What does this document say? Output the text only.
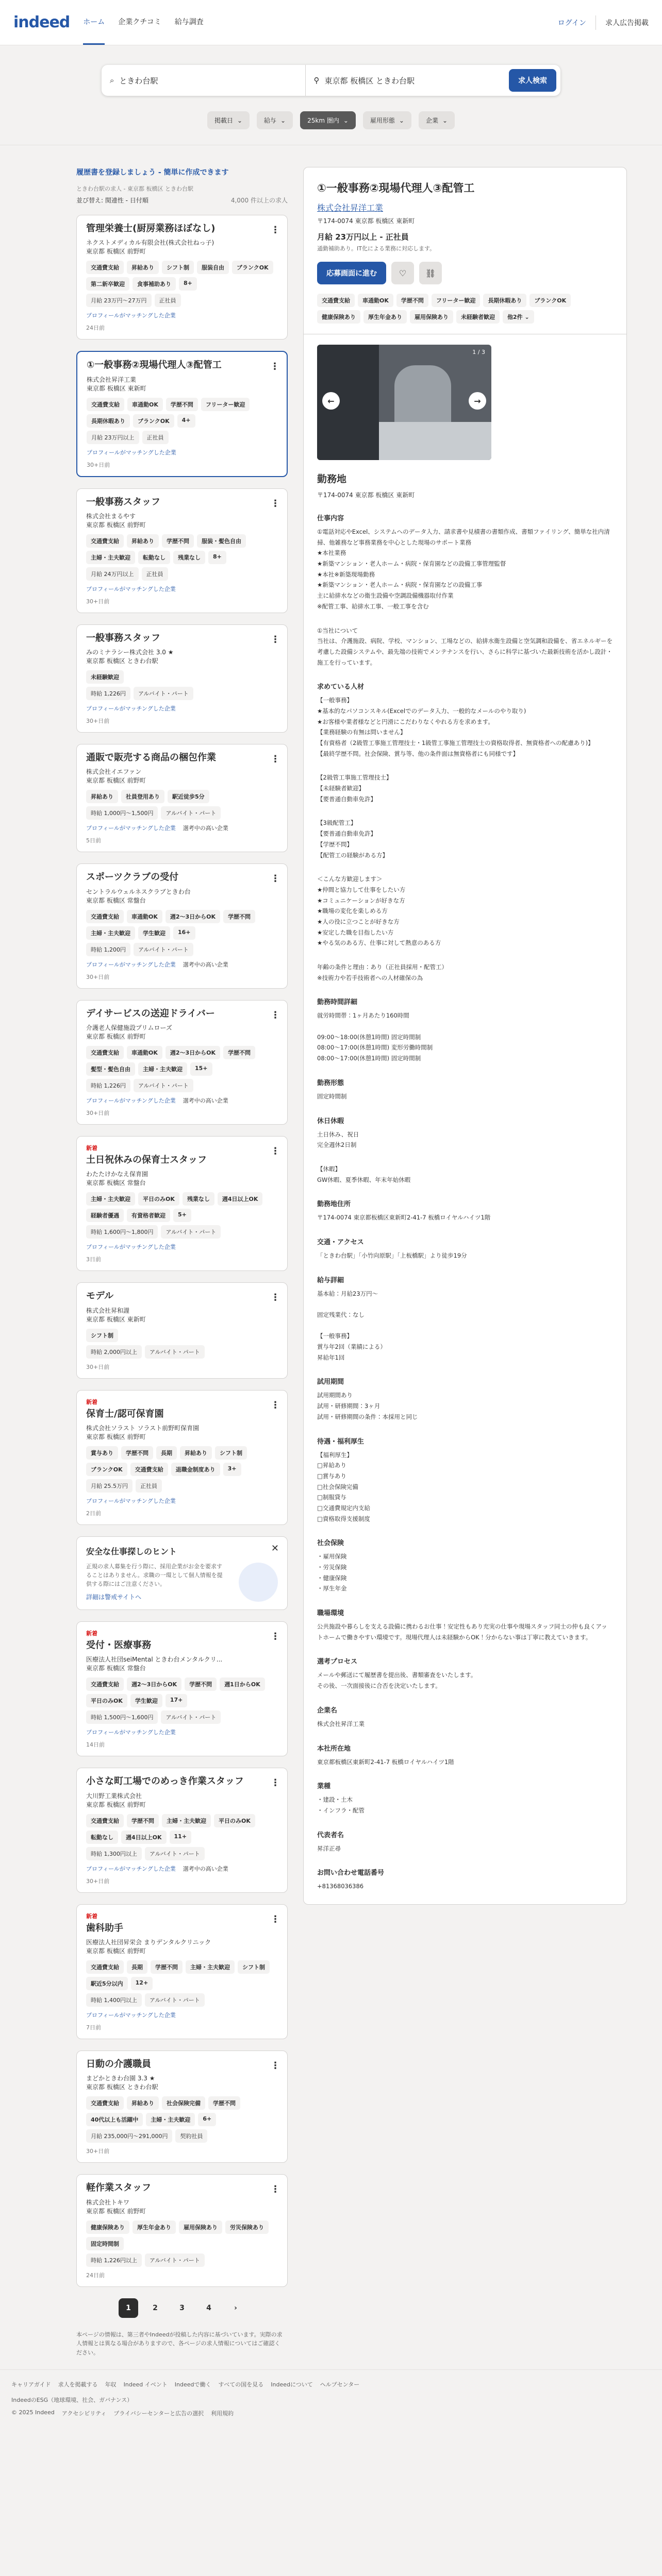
indeed ホーム 企業クチコミ 給与調査	ログイン	求人広告掲載
⌕
ときわ台駅	⚲
東京都 板橋区 ときわ台駅	求人検索
掲載日 ⌄	給与 ⌄	25km 圏内 ⌄	雇用形態 ⌄	企業 ⌄
履歴書を登録しましょう - 簡単に作成できます
ときわ台駅の求人 - 東京都 板橋区 ときわ台駅
並び替え: 関連性 - 日付順	4,000 件以上の求人
管理栄養士(厨房業務ほぼなし)	⋮
ネクストメディカル有限会社(株式会社ねっ子)
東京都 板橋区 前野町
交通費支給	昇給あり	シフト制	服装自由	ブランクOK
第二新卒歓迎	食事補助あり	8+
月給 23万円～27万円	正社員
プロフィールがマッチングした企業
24日前
①一般事務②現場代理人③配管工	⋮
株式会社昇洋工業
東京都 板橋区 東新町
交通費支給	車通勤OK	学歴不問	フリーター歓迎
長期休暇あり	ブランクOK	4+
月給 23万円以上	正社員
プロフィールがマッチングした企業
30+日前
一般事務スタッフ	⋮
株式会社まるやす
東京都 板橋区 前野町
交通費支給	昇給あり	学歴不問	服装・髪色自由
主婦・主夫歓迎	転勤なし	残業なし	8+
月給 24万円以上	正社員
プロフィールがマッチングした企業
30+日前
一般事務スタッフ	⋮
みのミナラシー株式会社 3.0 ★
東京都 板橋区 ときわ台駅
未経験歓迎
時給 1,226円	アルバイト・パート
プロフィールがマッチングした企業
30+日前
通販で販売する商品の梱包作業	⋮
株式会社イエファン
東京都 板橋区 前野町
昇給あり	社員登用あり	駅近徒歩5分
時給 1,000円～1,500円	アルバイト・パート
プロフィールがマッチングした企業 選考中の高い企業
5日前
スポーツクラブの受付	⋮
セントラルウェルネスクラブときわ台
東京都 板橋区 常盤台
交通費支給	車通勤OK	週2～3日からOK	学歴不問
主婦・主夫歓迎	学生歓迎	16+
時給 1,200円	アルバイト・パート
プロフィールがマッチングした企業 選考中の高い企業
30+日前
デイサービスの送迎ドライバー	⋮
介護老人保健施設プリムローズ
東京都 板橋区 前野町
交通費支給	車通勤OK	週2～3日からOK	学歴不問
髪型・髪色自由	主婦・主夫歓迎	15+
時給 1,226円	アルバイト・パート
プロフィールがマッチングした企業 選考中の高い企業
30+日前
新着
土日祝休みの保育士スタッフ
⋮
わたたけかなえ保育園
東京都 板橋区 常盤台
主婦・主夫歓迎	平日のみOK	残業なし	週4日以上OK
経験者優遇	有資格者歓迎	5+
時給 1,600円～1,800円	アルバイト・パート
プロフィールがマッチングした企業
3日前
モデル	⋮
株式会社昇和謹
東京都 板橋区 東新町
シフト制
時給 2,000円以上	アルバイト・パート
30+日前
新着
保育士/認可保育園
⋮
株式会社ソラスト ソラスト前野町保育園
東京都 板橋区 前野町
賞与あり	学歴不問	長期	昇給あり	シフト制
ブランクOK	交通費支給	退職金制度あり	3+
月給 25.5万円	正社員
プロフィールがマッチングした企業
2日前
✕
安全な仕事探しのヒント

正規の求人募集を行う際に、採用企業がお金を要求することはありません。求職の一環として個人情報を提供する際にはご注意ください。

詳細は警戒サイトへ
新着
受付・医療事務
⋮
医療法人社団seiMental ときわ台メンタルクリ...
東京都 板橋区 常盤台
交通費支給	週2～3日からOK	学歴不問	週1日からOK
平日のみOK	学生歓迎	17+
時給 1,500円～1,600円	アルバイト・パート
プロフィールがマッチングした企業
14日前
小さな町工場でのめっき作業スタッフ	⋮
大川野工業株式会社
東京都 板橋区 前野町
交通費支給	学歴不問	主婦・主夫歓迎	平日のみOK
転勤なし	週4日以上OK	11+
時給 1,300円以上	アルバイト・パート
プロフィールがマッチングした企業 選考中の高い企業
30+日前
新着
歯科助手
⋮
医療法人社団昇栄会 まりデンタルクリニック
東京都 板橋区 前野町
交通費支給	長期	学歴不問	主婦・主夫歓迎	シフト制
駅近5分以内	12+
時給 1,400円以上	アルバイト・パート
プロフィールがマッチングした企業
7日前
日動の介護職員	⋮
まどかときわ台園 3.3 ★
東京都 板橋区 ときわ台駅
交通費支給	昇給あり	社会保険完備	学歴不問
40代以上も活躍中	主婦・主夫歓迎	6+
月給 235,000円～291,000円	契約社員
30+日前
軽作業スタッフ	⋮
株式会社トキワ
東京都 板橋区 前野町
健康保険あり	厚生年金あり	雇用保険あり	労災保険あり
固定時間制
時給 1,226円以上	アルバイト・パート
24日前
1	2	3	4	›
本ページの情報は、第三者やIndeedが投稿した内容に基づいています。実際の求人情報とは異なる場合がありますので、各ページの求人情報についてはご確認ください。
①一般事務②現場代理人③配管工
株式会社昇洋工業
〒174-0074 東京都 板橋区 東新町
月給 23万円以上 - 正社員
通勤補助あり。IT化による業務に対応します。
応募画面に進む	♡	⛓
交通費支給	車通勤OK	学歴不問	フリーター歓迎	長期休暇あり	ブランクOK
健康保険あり	厚生年金あり	雇用保険あり	未経験者歓迎	他2件 ⌄
1 / 3
←	→
勤務地
〒174-0074 東京都 板橋区 東新町
仕事内容

①電話対応やExcel、システムへのデータ入力、請求書や見積書の書類作成、書類ファイリング、簡単な社内清掃、他雑務など事務業務を中心とした現場のサポート業務
★本社業務
★新築マンション・老人ホーム・病院・保育園などの設備工事管理監督
★本社※新築現場勤務
★新築マンション・老人ホーム・病院・保育園などの設備工事
主に給排水などの衛生設備や空調設備機器取付作業
※配管工事、給排水工事、一般工事を含む

①当社について
当社は、介護施設、病院、学校、マンション、工場などの、給排水衛生設備と空気調和設備を、省エネルギーを考慮した設備システムや、最先端の技術でメンテナンスを行い、さらに科学に基づいた最新技術を活かし設計・施工を行っています。

求めている人材

【一般事務】
★基本的なパソコンスキル(Excelでのデータ入力、一般的なメールのやり取り)
★お客様や業者様などと円滑にこだわりなくやれる方を求めます。
【業務経験の有無は問いません】
【有資格者（2級管工事施工管理技士・1級管工事施工管理技士の資格取得者、無資格者への配慮あり)】
【最終学歴不問。社会保険、賞与等、他の条件面は無資格者にも同様です】

【2級管工事施工管理技士】
【未経験者歓迎】
【要普通自動車免許】

【3級配管工】
【要普通自動車免許】
【学歴不問】
【配管工の経験がある方】

＜こんな方歓迎します＞
★仲間と協力して仕事をしたい方
★コミュニケーションが好きな方
★職場の変化を楽しめる方
★人の役に立つことが好きな方
★安定した職を目指したい方
★やる気のある方、仕事に対して熱意のある方

年齢の条件と理由：あり（正社員採用・配管工）
※技術力や若手技術者への人材確保の為

勤務時間詳細

就労時間帯：1ヶ月あたり160時間

09:00～18:00(休憩1時間) 固定時間制
08:00～17:00(休憩1時間) 変形労働時間制
08:00～17:00(休憩1時間) 固定時間制

勤務形態

固定時間制

休日休暇

土日休み、祝日
完全週休2日制

【休暇】
GW休暇、夏季休暇、年末年始休暇

勤務地住所

〒174-0074 東京都板橋区東新町2-41-7 板橋ロイヤルハイツ1階

交通・アクセス

「ときわ台駅」「小竹向原駅」「上板橋駅」より徒歩19分

給与詳細

基本給：月給23万円～

固定残業代：なし

【一般事務】
賞与年2回（業績による）
昇給年1回

試用期間

試用期間あり
試用・研修期間：3ヶ月
試用・研修期間の条件：本採用と同じ

待遇・福利厚生

【福利厚生】
□昇給あり
□賞与あり
□社会保険完備
□制服貸与
□交通費規定内支給
□資格取得支援制度

社会保険

・雇用保険
・労災保険
・健康保険
・厚生年金

職場環境

公共施設や暮らしを支える設備に携わるお仕事！安定性もあり充実の仕事や現場スタッフ同士の仲も良くアットホームで働きやすい環境です。現場代理人は未経験からOK！分からない事は丁寧に教えていきます。

選考プロセス

メールや郵送にて履歴書を提出後、書類審査をいたします。
その後、一次面接後に合否を決定いたします。

企業名

株式会社昇洋工業

本社所在地

東京都板橋区東新町2-41-7 板橋ロイヤルハイツ1階

業種

・建設・土木
・インフラ・配管

代表者名

昇洋正尋

お問い合わせ電話番号

+81368036386

キャリアガイド 求人を掲載する 年収 Indeed イベント Indeedで働く すべての国を見る Indeedについて ヘルプセンター
IndeedのESG（地球環境、社会、ガバナンス）
© 2025 Indeed アクセシビリティ プライバシーセンターと広告の選択 利用規約
